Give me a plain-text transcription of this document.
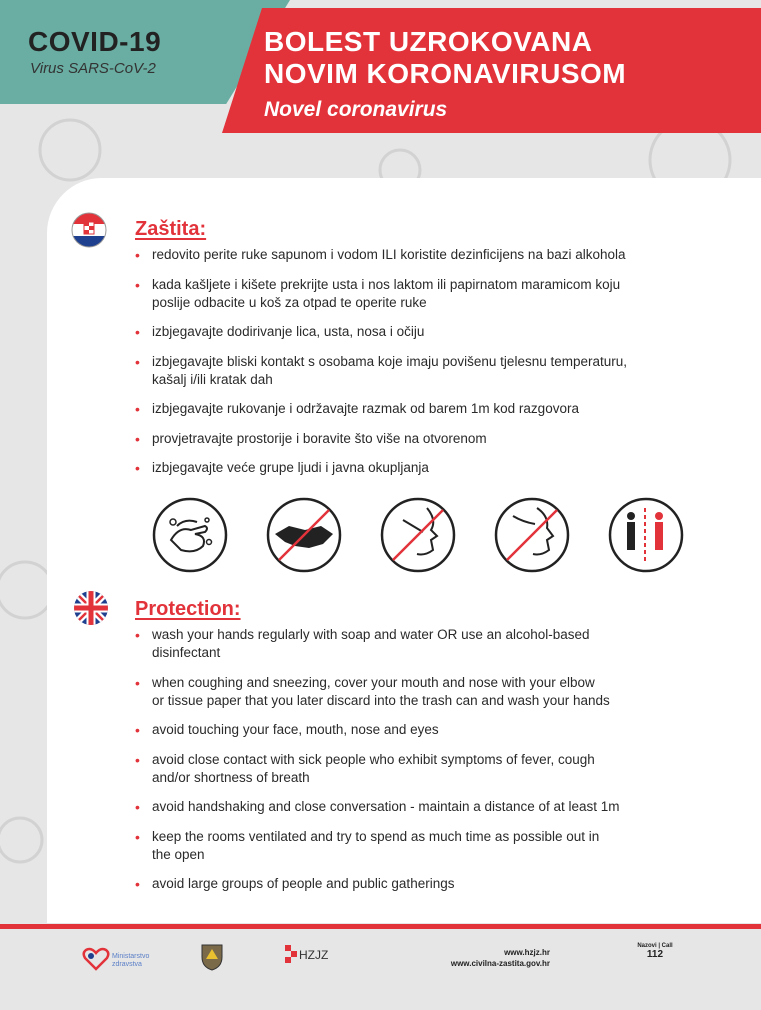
COVID-19
Virus SARS-CoV-2
BOLEST UZROKOVANA
NOVIM KORONAVIRUSOM
Novel coronavirus
Zaštita:
• redovito perite ruke sapunom i vodom ILI koristite dezinficijens na bazi alkohola
• kada kašljete i kišete prekrijte usta i nos laktom ili papirnatom maramicom koju
poslije odbacite u koš za otpad te operite ruke
• izbjegavajte dodirivanje lica, usta, nosa i očiju
• izbjegavajte bliski kontakt s osobama koje imaju povišenu tjelesnu temperaturu,
kašalj i/ili kratak dah
• izbjegavajte rukovanje i održavajte razmak od barem 1m kod razgovora
• provjetravajte prostorije i boravite što više na otvorenom
• izbjegavajte veće grupe ljudi i javna okupljanja
Protection:
• wash your hands regularly with soap and water OR use an alcohol-based
disinfectant
• when coughing and sneezing, cover your mouth and nose with your elbow
or tissue paper that you later discard into the trash can and wash your hands
• avoid touching your face, mouth, nose and eyes
• avoid close contact with sick people who exhibit symptoms of fever, cough
and/or shortness of breath
• avoid handshaking and close conversation - maintain a distance of at least 1m
• keep the rooms ventilated and try to spend as much time as possible out in
the open
• avoid large groups of people and public gatherings
Ministarstvo zdravstva
HZJZ	www.hzjz.hr
www.civilna-zastita.gov.hr
Nazovi | Call
112
